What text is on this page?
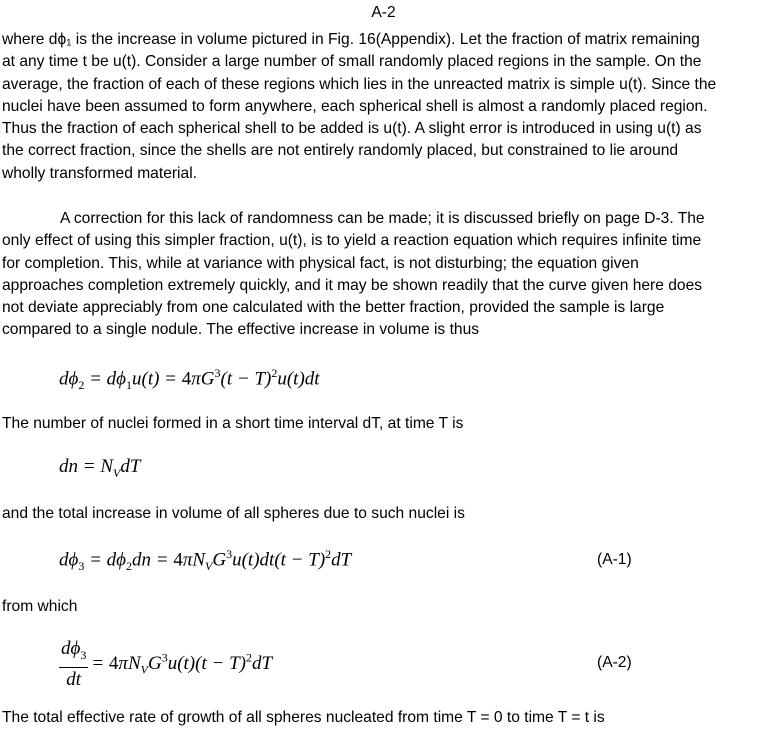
A-2
where dϕ₁ is the increase in volume pictured in Fig. 16(Appendix). Let the fraction of matrix remaining
at any time t be u(t). Consider a large number of small randomly placed regions in the sample. On the
average, the fraction of each of these regions which lies in the unreacted matrix is simple u(t). Since the
nuclei have been assumed to form anywhere, each spherical shell is almost a randomly placed region.
Thus the fraction of each spherical shell to be added is u(t). A slight error is introduced in using u(t) as
the correct fraction, since the shells are not entirely randomly placed, but constrained to lie around
wholly transformed material.
A correction for this lack of randomness can be made; it is discussed briefly on page D-3. The
only effect of using this simpler fraction, u(t), is to yield a reaction equation which requires infinite time
for completion. This, while at variance with physical fact, is not disturbing; the equation given
approaches completion extremely quickly, and it may be shown readily that the curve given here does
not deviate appreciably from one calculated with the better fraction, provided the sample is large
compared to a single nodule. The effective increase in volume is thus
$d\phi_2 = d\phi_1u(t) = 4\pi G^3(t - T)^2u(t)dt$
The number of nuclei formed in a short time interval dT, at time T is
dn = $N_VdT$
and the total increase in volume of all spheres due to such nuclei is
$d\phi_3 = d\phi_2dn = 4\pi N_VG^3u(t)dt(t - T)^2dT$	(A-1)
from which
$\frac{d\phi_3}{dt} = 4\pi N_VG^3u(t)(t - T)^2dT$	(A-2)
The total effective rate of growth of all spheres nucleated from time T = 0 to time T = t is
